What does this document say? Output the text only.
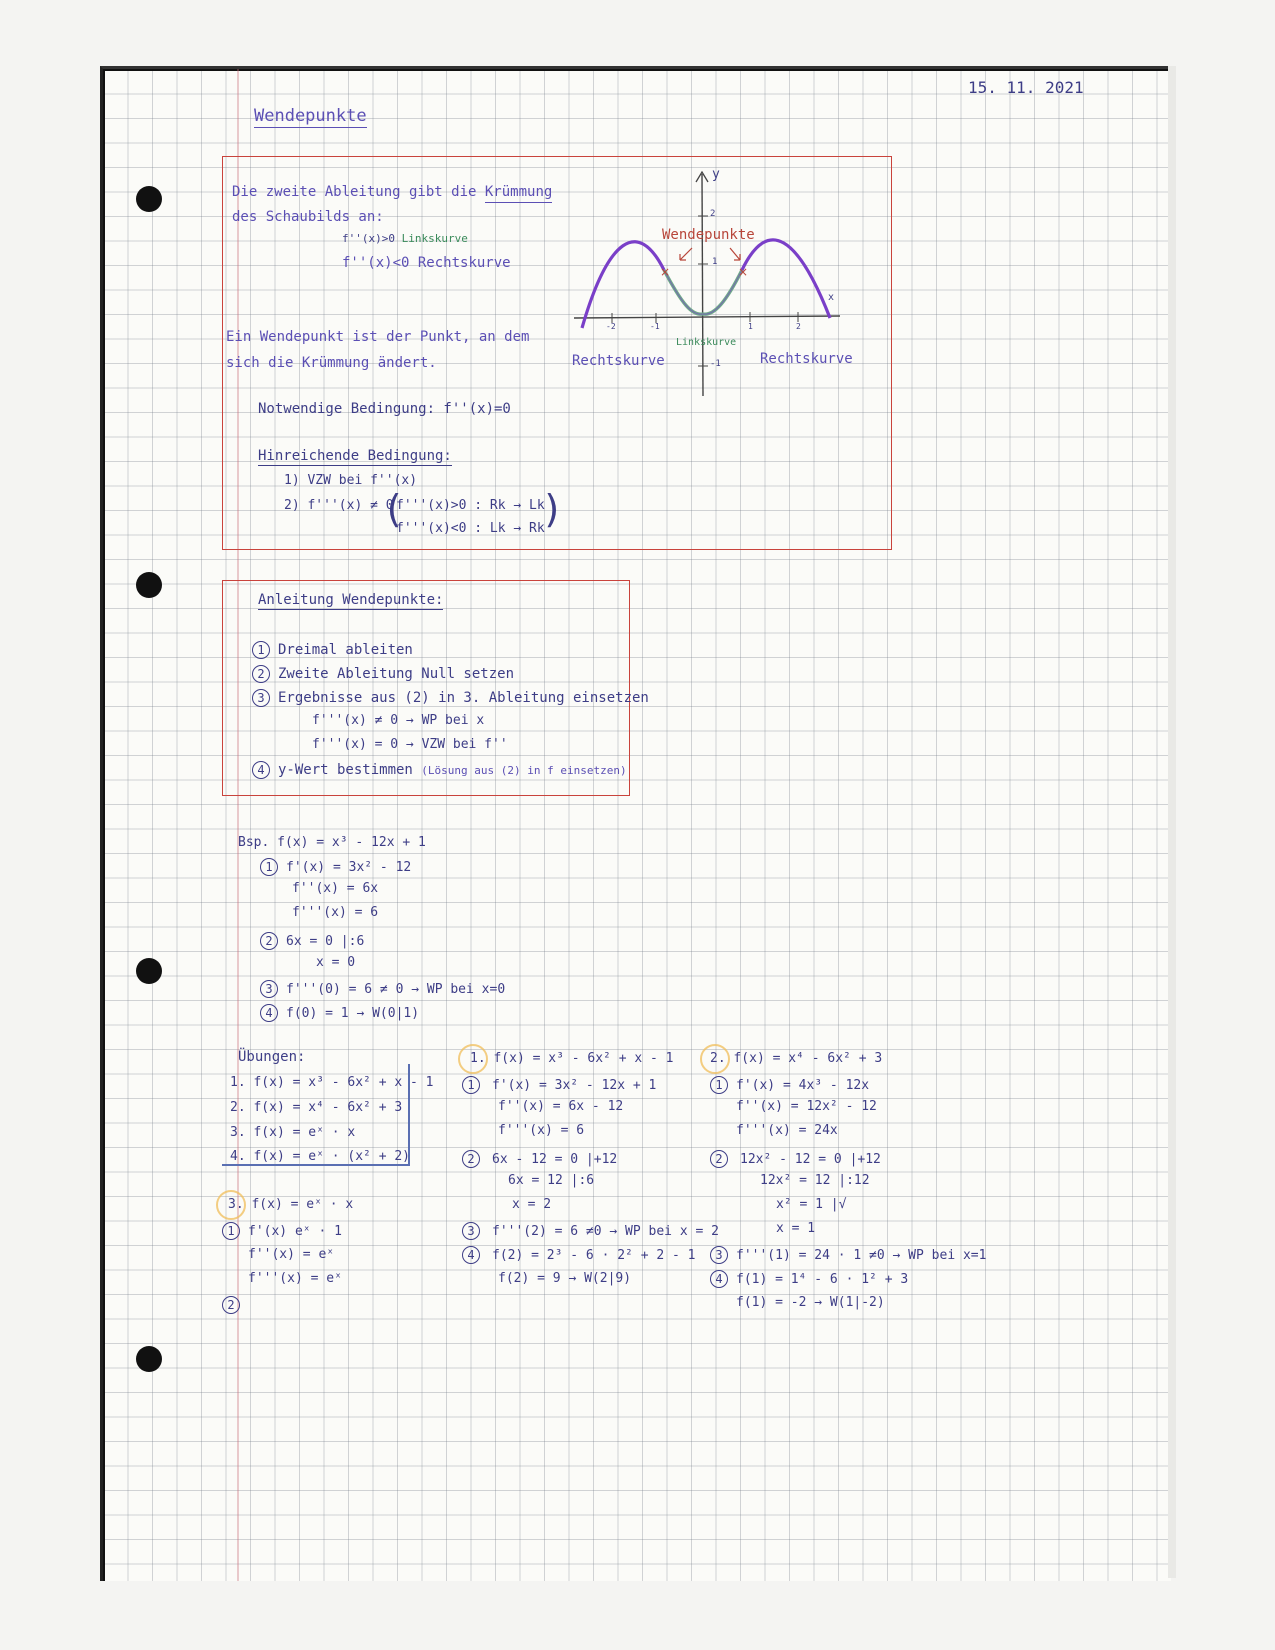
15. 11. 2021
Wendepunkte
Die zweite Ableitung gibt die Krümmung
des Schaubilds an:
f''(x)>0 Linkskurve
f''(x)<0 Rechtskurve
Ein Wendepunkt ist der Punkt, an dem
sich die Krümmung ändert.
Notwendige Bedingung: f''(x)=0
Hinreichende Bedingung:
1) VZW bei f''(x)
2) f'''(x) ≠ 0
(
f'''(x)>0 : Rk → Lk
f'''(x)<0 : Lk → Rk
)
×	×
y
x
2
1
-1
-2	-1	1	2
Wendepunkte
Rechtskurve
Linkskurve
Rechtskurve
Anleitung Wendepunkte:
1 Dreimal ableiten
2 Zweite Ableitung Null setzen
3 Ergebnisse aus (2) in 3. Ableitung einsetzen
f'''(x) ≠ 0 → WP bei x
f'''(x) = 0 → VZW bei f''
4 y-Wert bestimmen (Lösung aus (2) in f einsetzen)
Bsp. f(x) = x³ - 12x + 1
1 f'(x) = 3x² - 12
f''(x) = 6x
f'''(x) = 6
2 6x = 0 |:6
x = 0
3 f'''(0) = 6 ≠ 0 → WP bei x=0
4 f(0) = 1 → W(0|1)
Übungen:
1. f(x) = x³ - 6x² + x - 1
2. f(x) = x⁴ - 6x² + 3
3. f(x) = eˣ · x
4. f(x) = eˣ · (x² + 2)
3. f(x) = eˣ · x
1 f'(x) eˣ · 1
f''(x) = eˣ
f'''(x) = eˣ
2
1. f(x) = x³ - 6x² + x - 1
1 f'(x) = 3x² - 12x + 1
f''(x) = 6x - 12
f'''(x) = 6
2 6x - 12 = 0 |+12
6x = 12 |:6
x = 2
3 f'''(2) = 6 ≠0 → WP bei x = 2
4 f(2) = 2³ - 6 · 2² + 2 - 1
f(2) = 9 → W(2|9)
2. f(x) = x⁴ - 6x² + 3
1 f'(x) = 4x³ - 12x
f''(x) = 12x² - 12
f'''(x) = 24x
2 12x² - 12 = 0 |+12
12x² = 12 |:12
x² = 1 |√
x = 1
3 f'''(1) = 24 · 1 ≠0 → WP bei x=1
4 f(1) = 1⁴ - 6 · 1² + 3
f(1) = -2 → W(1|-2)
